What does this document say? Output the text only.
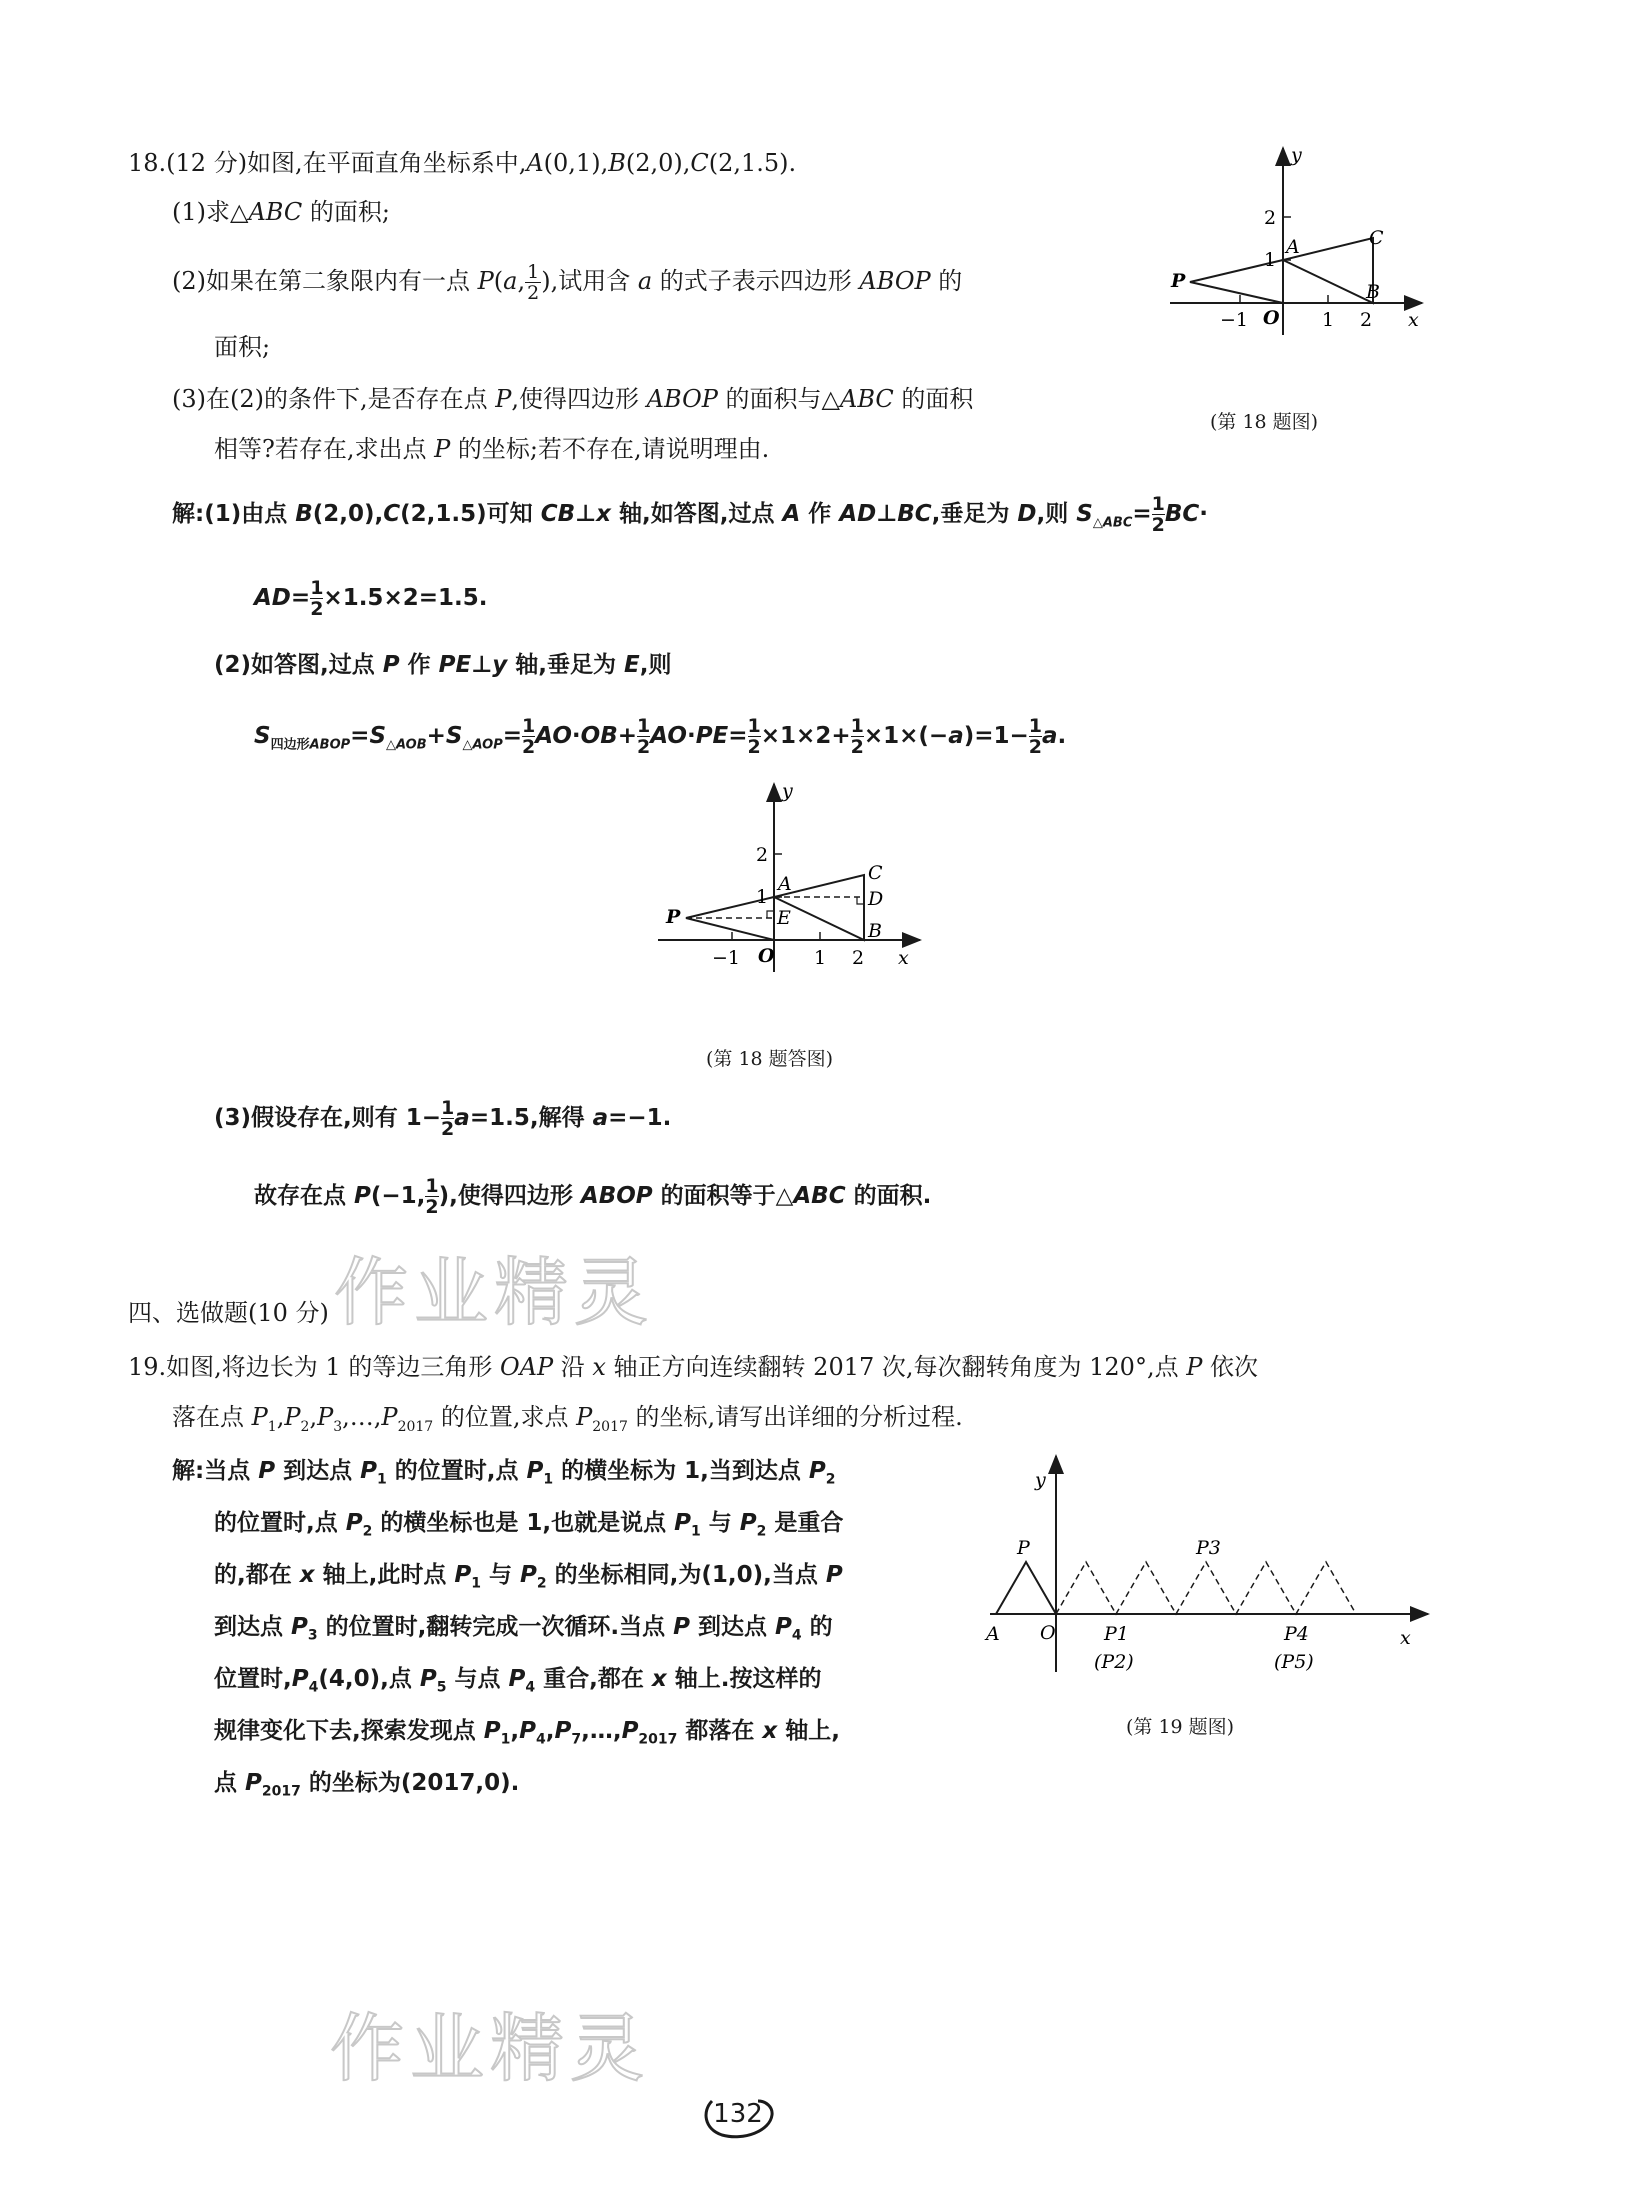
18.(12 分)如图,在平面直角坐标系中,A(0,1),B(2,0),C(2,1.5).
(1)求△ABC 的面积;
(2)如果在第二象限内有一点 P(a, $\frac{1}{2}$ ),试用含 a 的式子表示四边形 ABOP 的
面积;
(3)在(2)的条件下,是否存在点 P,使得四边形 ABOP 的面积与△ABC 的面积
相等?若存在,求出点 P 的坐标;若不存在,请说明理由.
y
x
2
1
−1	1 2
O
A
B
C
P
(第 18 题图)
解:(1)由点 B(2,0),C(2,1.5)可知 CB⊥x 轴,如答图,过点 A 作 AD⊥BC,垂足为 D,则 $S_{\triangle ABC}= \frac{1}{2} BC\cdot$
$AD= \frac{1}{2} \times 1.5\times 2=1.5$.
(2)如答图,过点 P 作 PE⊥y 轴,垂足为 E,则
$S_{四边形ABOP}=S_{\triangle AOB}+S_{\triangle AOP}= \frac{1}{2} AO\cdot OB+ \frac{1}{2} AO\cdot PE= \frac{1}{2} \times 1\times 2+ \frac{1}{2} \times 1\times(-a)=1- \frac{1}{2} a$.
y
x
2
1
−1	1 2
O
A
B
C
D
E
P
(第 18 题答图)
(3)假设存在,则有 $1- \frac{1}{2} a=1.5$,解得 a=−1.
故存在点 P(−1, $\frac{1}{2}$ ),使得四边形 ABOP 的面积等于△ABC 的面积.
四、选做题(10 分)
19.如图,将边长为 1 的等边三角形 OAP 沿 x 轴正方向连续翻转 2017 次,每次翻转角度为 120°,点 P 依次
落在点 $P_1,P_2,P_3,\dots,P_{2017}$ 的位置,求点 $P_{2017}$ 的坐标,请写出详细的分析过程.
解:当点 P 到达点 $P_1$ 的位置时,点 $P_1$ 的横坐标为 1,当到达点 $P_2$
的位置时,点 $P_2$ 的横坐标也是 1,也就是说点 $P_1$ 与 $P_2$ 是重合
的,都在 x 轴上,此时点 $P_1$ 与 $P_2$ 的坐标相同,为(1,0),当点 P
到达点 $P_3$ 的位置时,翻转完成一次循环.当点 P 到达点 $P_4$ 的
位置时$,P_4(4,0)$,点 $P_5$ 与点 $P_4$ 重合,都在 x 轴上.按这样的
规律变化下去,探索发现点 $P_1,P_4,P_7,\dots,P_{2017}$ 都落在 x 轴上,
点 $P_{2017}$ 的坐标为(2017,0).
y
x
P
A O
P3
P1
(P2)
P4
(P5)
(第 19 题图)
作业精灵
作业精灵
132
